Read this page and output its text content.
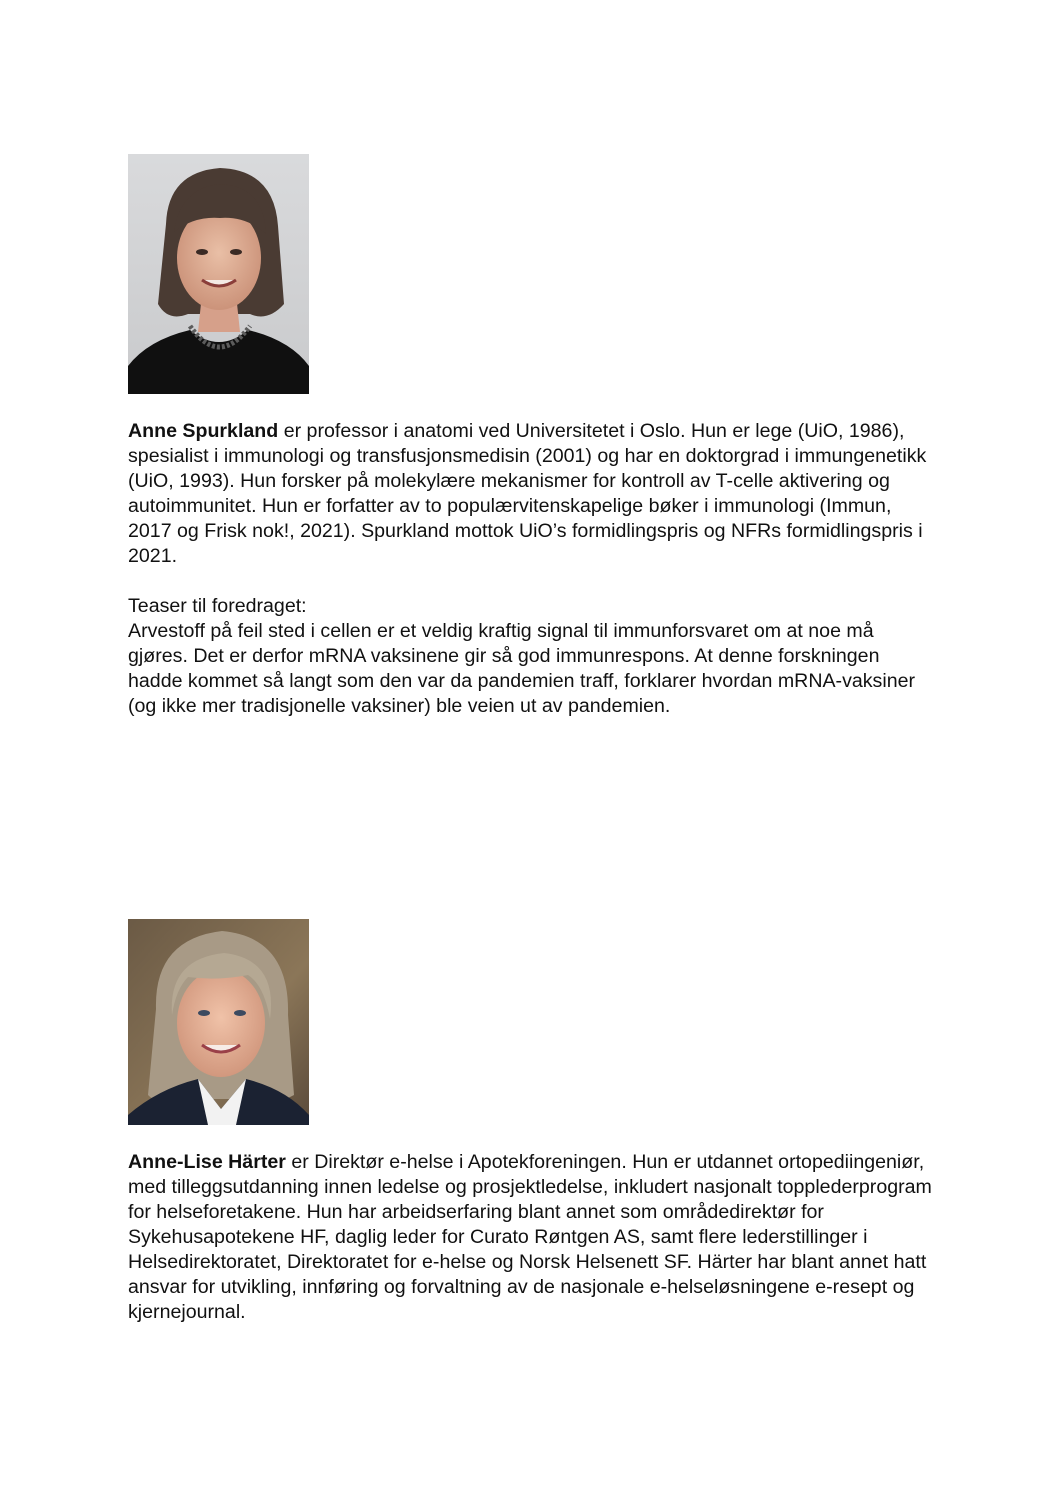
Anne Spurkland er professor i anatomi ved Universitetet i Oslo. Hun er lege (UiO, 1986), spesialist i immunologi og transfusjonsmedisin (2001) og har en doktorgrad i immungenetikk (UiO, 1993). Hun forsker på molekylære mekanismer for kontroll av T-celle aktivering og autoimmunitet. Hun er forfatter av to populærvitenskapelige bøker i immunologi (Immun, 2017 og Frisk nok!, 2021). Spurkland mottok UiO’s formidlingspris og NFRs formidlingspris i 2021.

Teaser til foredraget:
Arvestoff på feil sted i cellen er et veldig kraftig signal til immunforsvaret om at noe må gjøres. Det er derfor mRNA vaksinene gir så god immunrespons. At denne forskningen hadde kommet så langt som den var da pandemien traff, forklarer hvordan mRNA-vaksiner (og ikke mer tradisjonelle vaksiner) ble veien ut av pandemien.

Anne-Lise Härter er Direktør e-helse i Apotekforeningen. Hun er utdannet ortopediingeniør, med tilleggsutdanning innen ledelse og prosjektledelse, inkludert nasjonalt topplederprogram for helseforetakene. Hun har arbeidserfaring blant annet som områdedirektør for Sykehusapotekene HF, daglig leder for Curato Røntgen AS, samt flere lederstillinger i Helsedirektoratet, Direktoratet for e-helse og Norsk Helsenett SF. Härter har blant annet hatt ansvar for utvikling, innføring og forvaltning av de nasjonale e-helseløsningene e-resept og kjernejournal.
